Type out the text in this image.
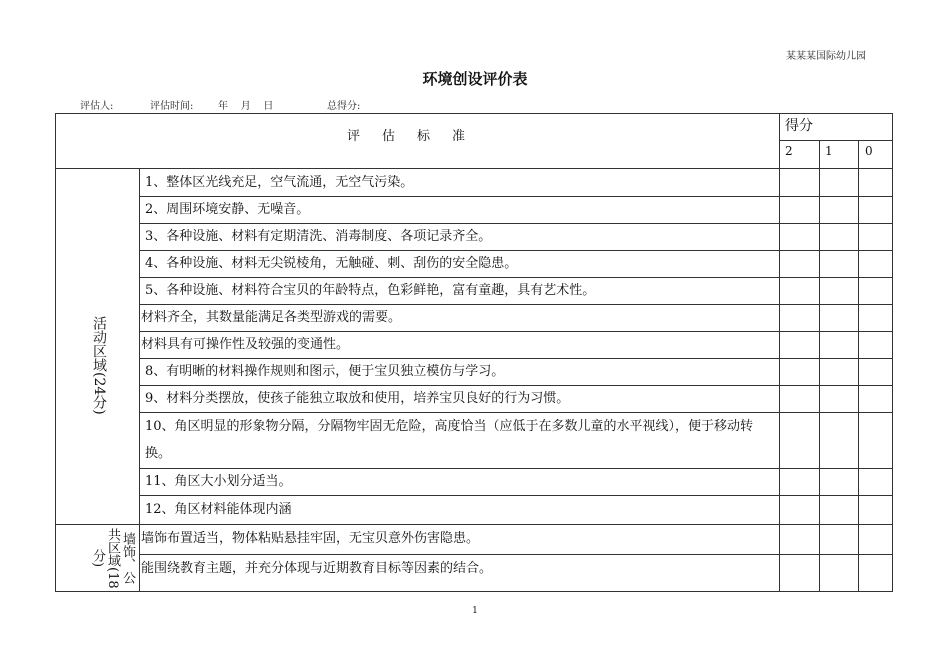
某某某国际幼儿园
环境创设评价表
评估人:	评估时间: 年    月    日	总得分:
评估标准
得分
2	1	0
活动区域(24分)
1、整体区光线充足，空气流通，无空气污染。
2、周围环境安静、无噪音。
3、各种设施、材料有定期清洗、消毒制度、各项记录齐全。
4、各种设施、材料无尖锐棱角，无触碰、刺、刮伤的安全隐患。
5、各种设施、材料符合宝贝的年龄特点，色彩鲜艳，富有童趣，具有艺术性。
材料齐全，其数量能满足各类型游戏的需要。
材料具有可操作性及较强的变通性。
8、有明晰的材料操作规则和图示，便于宝贝独立模仿与学习。
9、材料分类摆放，使孩子能独立取放和使用，培养宝贝良好的行为习惯。
10、角区明显的形象物分隔，分隔物牢固无危险，高度恰当（应低于在多数儿童的水平视线），便于移动转换。
11、角区大小划分适当。
12、角区材料能体现内涵
墙饰、公共区域(18分)
墙饰布置适当，物体粘贴悬挂牢固，无宝贝意外伤害隐患。
能围绕教育主题，并充分体现与近期教育目标等因素的结合。
1
